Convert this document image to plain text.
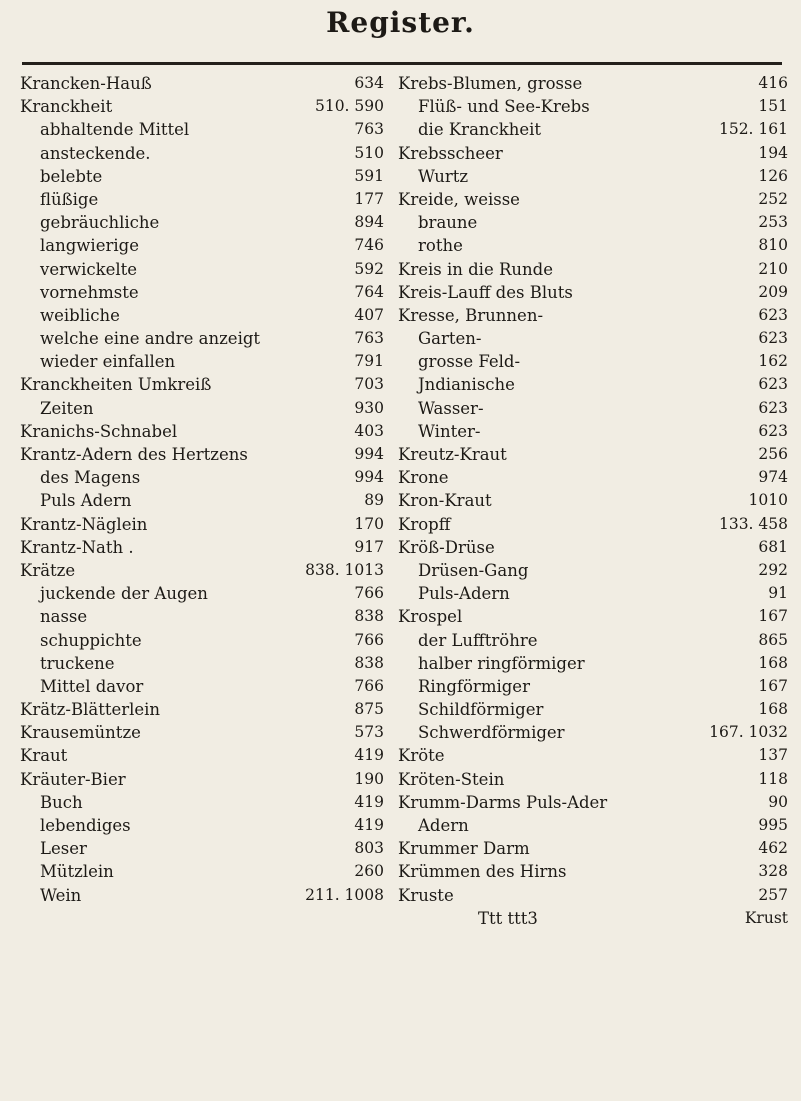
Register.
Krancken-Hauß	634
Kranckheit	510. 590
abhaltende Mittel	763
ansteckende.	510
belebte	591
flüßige	177
gebräuchliche	894
langwierige	746
verwickelte	592
vornehmste	764
weibliche	407
welche eine andre anzeigt	763
wieder einfallen	791
Kranckheiten Umkreiß	703
Zeiten	930
Kranichs-Schnabel	403
Krantz-Adern des Hertzens	994
des Magens	994
Puls Adern	89
Krantz-Näglein	170
Krantz-Nath .	917
Krätze	838. 1013
juckende der Augen	766
nasse	838
schuppichte	766
truckene	838
Mittel davor	766
Krätz-Blätterlein	875
Krausemüntze	573
Kraut	419
Kräuter-Bier	190
Buch	419
lebendiges	419
Leser	803
Mützlein	260
Wein	211. 1008
Krebs-Blumen, grosse	416
Flüß- und See-Krebs	151
die Kranckheit	152. 161
Krebsscheer	194
Wurtz	126
Kreide, weisse	252
braune	253
rothe	810
Kreis in die Runde	210
Kreis-Lauff des Bluts	209
Kresse, Brunnen-	623
Garten-	623
grosse Feld-	162
Jndianische	623
Wasser-	623
Winter-	623
Kreutz-Kraut	256
Krone	974
Kron-Kraut	1010
Kropff	133. 458
Kröß-Drüse	681
Drüsen-Gang	292
Puls-Adern	91
Krospel	167
der Lufftröhre	865
halber ringförmiger	168
Ringförmiger	167
Schildförmiger	168
Schwerdförmiger	167. 1032
Kröte	137
Kröten-Stein	118
Krumm-Darms Puls-Ader	90
Adern	995
Krummer Darm	462
Krümmen des Hirns	328
Kruste	257
Ttt ttt3	Krust
